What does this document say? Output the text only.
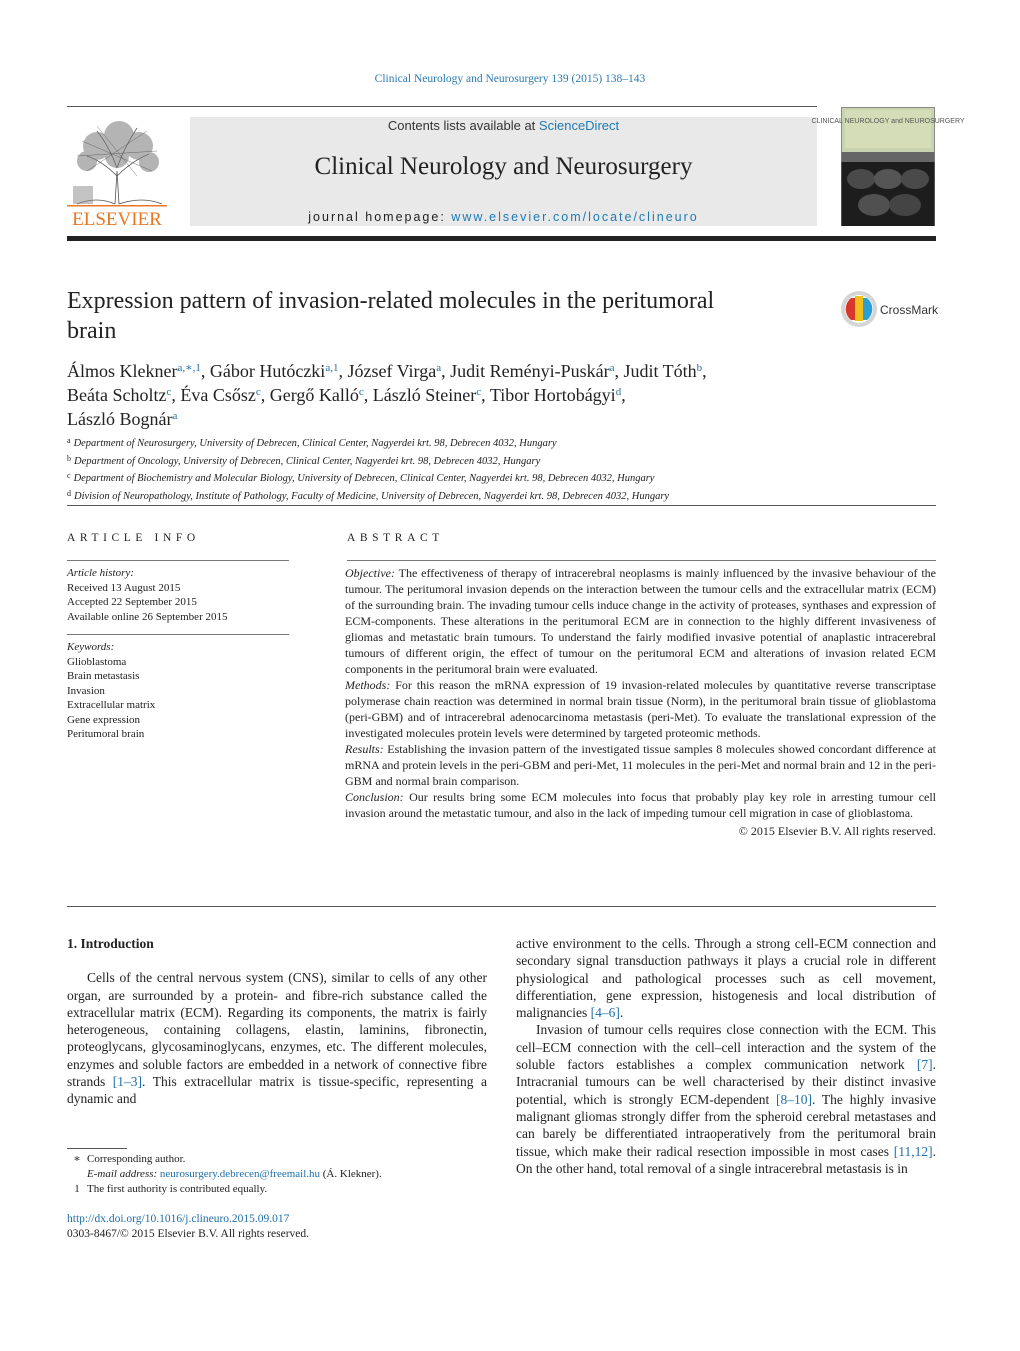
Clinical Neurology and Neurosurgery 139 (2015) 138–143
ELSEVIER
Contents lists available at ScienceDirect
Clinical Neurology and Neurosurgery
journal homepage: www.elsevier.com/locate/clineuro
CLINICAL NEUROLOGY and NEUROSURGERY
Expression pattern of invasion-related molecules in the peritumoral brain
CrossMark
Álmos Klekner$^{a,∗,1}$, Gábor Hutóczki$^{a,1}$, József Virga$^a$, Judit Reményi-Puskár$^a$, Judit Tóth$^b$,
Beáta Scholtz$^c$, Éva Csősz$^c$, Gergő Kalló$^c$, László Steiner$^c$, Tibor Hortobágyi$^d$,
László Bognár$^a$
$^a$ Department of Neurosurgery, University of Debrecen, Clinical Center, Nagyerdei krt. 98, Debrecen 4032, Hungary
$^b$ Department of Oncology, University of Debrecen, Clinical Center, Nagyerdei krt. 98, Debrecen 4032, Hungary
$^c$ Department of Biochemistry and Molecular Biology, University of Debrecen, Clinical Center, Nagyerdei krt. 98, Debrecen 4032, Hungary
$^d$ Division of Neuropathology, Institute of Pathology, Faculty of Medicine, University of Debrecen, Nagyerdei krt. 98, Debrecen 4032, Hungary
ARTICLE INFO
Article history:
Received 13 August 2015
Accepted 22 September 2015
Available online 26 September 2015
Keywords:
Glioblastoma
Brain metastasis
Invasion
Extracellular matrix
Gene expression
Peritumoral brain
ABSTRACT

Objective: The effectiveness of therapy of intracerebral neoplasms is mainly influenced by the invasive behaviour of the tumour. The peritumoral invasion depends on the interaction between the tumour cells and the extracellular matrix (ECM) of the surrounding brain. The invading tumour cells induce change in the activity of proteases, synthases and expression of ECM-components. These alterations in the peritumoral ECM are in connection to the highly different invasiveness of gliomas and metastatic brain tumours. To understand the fairly modified invasive potential of anaplastic intracerebral tumours of different origin, the effect of tumour on the peritumoral ECM and alterations of invasion related ECM components in the peritumoral brain were evaluated.

Methods: For this reason the mRNA expression of 19 invasion-related molecules by quantitative reverse transcriptase polymerase chain reaction was determined in normal brain tissue (Norm), in the peritumoral brain tissue of glioblastoma (peri-GBM) and of intracerebral adenocarcinoma metastasis (peri-Met). To evaluate the translational expression of the investigated molecules protein levels were determined by targeted proteomic methods.

Results: Establishing the invasion pattern of the investigated tissue samples 8 molecules showed concordant difference at mRNA and protein levels in the peri-GBM and peri-Met, 11 molecules in the peri-Met and normal brain and 12 in the peri-GBM and normal brain comparison.

Conclusion: Our results bring some ECM molecules into focus that probably play key role in arresting tumour cell invasion around the metastatic tumour, and also in the lack of impeding tumour cell migration in case of glioblastoma.

© 2015 Elsevier B.V. All rights reserved.

1. Introduction

Cells of the central nervous system (CNS), similar to cells of any other organ, are surrounded by a protein- and fibre-rich substance called the extracellular matrix (ECM). Regarding its components, the matrix is fairly heterogeneous, containing collagens, elastin, laminins, fibronectin, proteoglycans, glycosaminoglycans, enzymes, etc. The different molecules, enzymes and soluble factors are embedded in a network of connective fibre strands [1–3]. This extracellular matrix is tissue-specific, representing a dynamic and

active environment to the cells. Through a strong cell-ECM connection and secondary signal transduction pathways it plays a crucial role in different physiological and pathological processes such as cell movement, differentiation, gene expression, histogenesis and local distribution of malignancies [4–6].

Invasion of tumour cells requires close connection with the ECM. This cell–ECM connection with the cell–cell interaction and the system of the soluble factors establishes a complex communication network [7]. Intracranial tumours can be well characterised by their distinct invasive potential, which is strongly ECM-dependent [8–10]. The highly invasive malignant gliomas strongly differ from the spheroid cerebral metastases and can barely be differentiated intraoperatively from the peritumoral brain tissue, which make their radical resection impossible in most cases [11,12]. On the other hand, total removal of a single intracerebral metastasis is in

∗ Corresponding author.
E-mail address: neurosurgery.debrecen@freemail.hu (Á. Klekner).
1 The first authority is contributed equally.
http://dx.doi.org/10.1016/j.clineuro.2015.09.017
0303-8467/© 2015 Elsevier B.V. All rights reserved.
